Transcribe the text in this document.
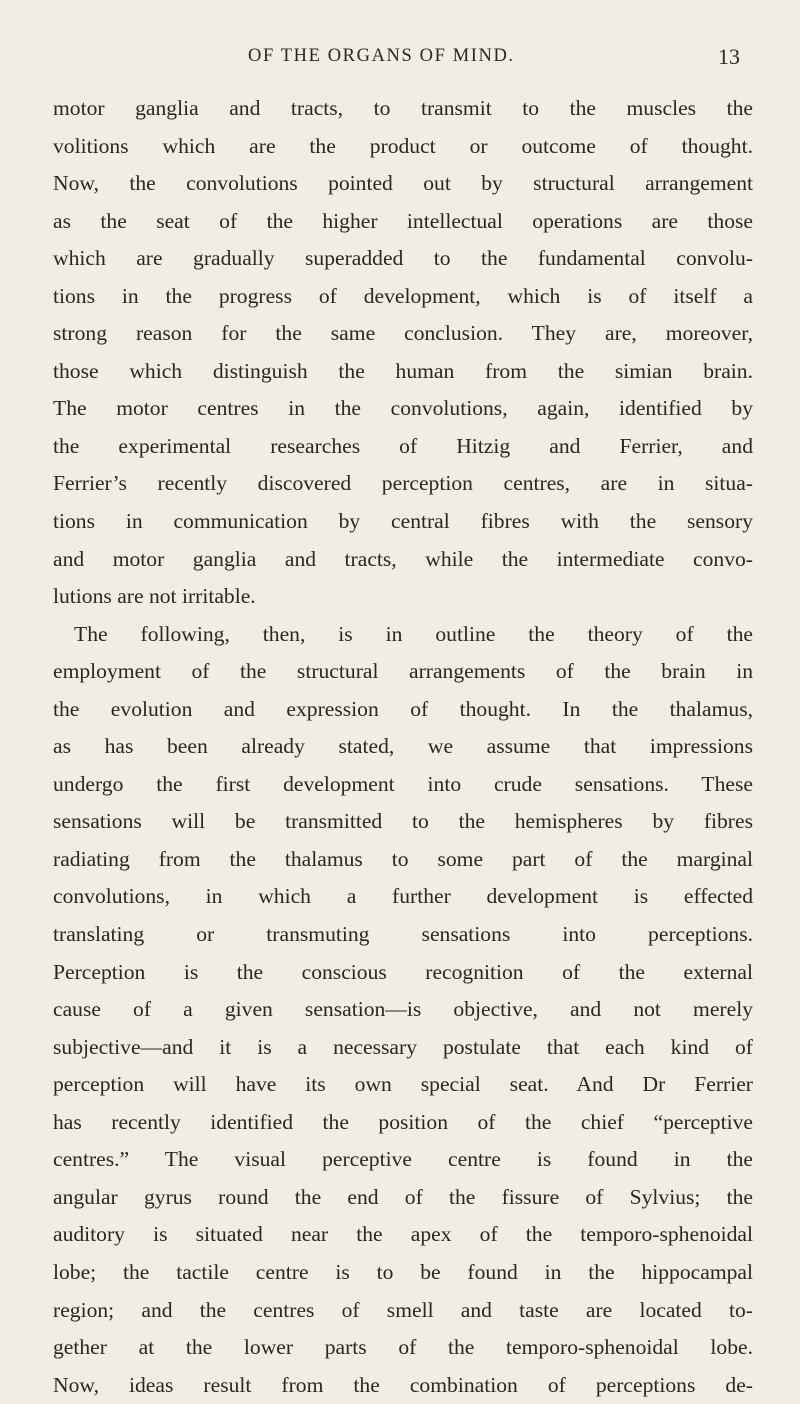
OF THE ORGANS OF MIND.	13
motor ganglia and tracts, to transmit to the muscles the
volitions which are the product or outcome of thought.
Now, the convolutions pointed out by structural arrangement
as the seat of the higher intellectual operations are those
which are gradually superadded to the fundamental convolu-
tions in the progress of development, which is of itself a
strong reason for the same conclusion. They are, moreover,
those which distinguish the human from the simian brain.
The motor centres in the convolutions, again, identified by
the experimental researches of Hitzig and Ferrier, and
Ferrier’s recently discovered perception centres, are in situa-
tions in communication by central fibres with the sensory
and motor ganglia and tracts, while the intermediate convo-
lutions are not irritable.
The following, then, is in outline the theory of the
employment of the structural arrangements of the brain in
the evolution and expression of thought. In the thalamus,
as has been already stated, we assume that impressions
undergo the first development into crude sensations. These
sensations will be transmitted to the hemispheres by fibres
radiating from the thalamus to some part of the marginal
convolutions, in which a further development is effected
translating or transmuting sensations into perceptions.
Perception is the conscious recognition of the external
cause of a given sensation—is objective, and not merely
subjective—and it is a necessary postulate that each kind of
perception will have its own special seat. And Dr Ferrier
has recently identified the position of the chief “perceptive
centres.” The visual perceptive centre is found in the
angular gyrus round the end of the fissure of Sylvius; the
auditory is situated near the apex of the temporo-sphenoidal
lobe; the tactile centre is to be found in the hippocampal
region; and the centres of smell and taste are located to-
gether at the lower parts of the temporo-sphenoidal lobe.
Now, ideas result from the combination of perceptions de-
